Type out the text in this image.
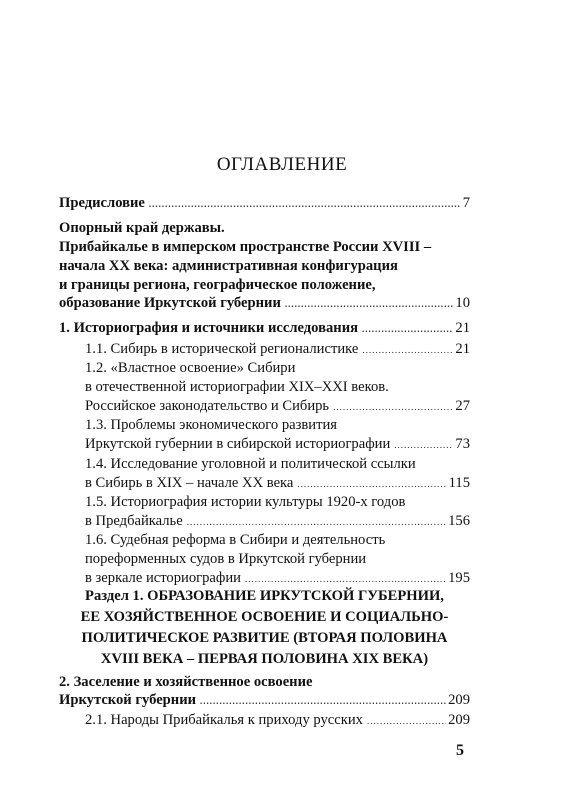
ОГЛАВЛЕНИЕ
Предисловие .....	7
Опорный край державы.
Прибайкалье в имперском пространстве России XVIII –
начала XX века: административная конфигурация
и границы региона, географическое положение,
образование Иркутской губернии .....	10
1. Историография и источники исследования .....	21
1.1. Сибирь в исторической регионалистике .....	21
1.2. «Властное освоение» Сибири
в отечественной историографии XIX–XXI веков.
Российское законодательство и Сибирь .....	27
1.3. Проблемы экономического развития
Иркутской губернии в сибирской историографии .....	73
1.4. Исследование уголовной и политической ссылки
в Сибирь в XIX – начале XX века .....	115
1.5. Историография истории культуры 1920-х годов
в Предбайкалье .....	156
1.6. Судебная реформа в Сибири и деятельность
пореформенных судов в Иркутской губернии
в зеркале историографии .....	195
Раздел 1. ОБРАЗОВАНИЕ ИРКУТСКОЙ ГУБЕРНИИ,
ЕЕ ХОЗЯЙСТВЕННОЕ ОСВОЕНИЕ И СОЦИАЛЬНО-
ПОЛИТИЧЕСКОЕ РАЗВИТИЕ (ВТОРАЯ ПОЛОВИНА
XVIII ВЕКА – ПЕРВАЯ ПОЛОВИНА XIX ВЕКА)
2. Заселение и хозяйственное освоение
Иркутской губернии .....	209
2.1. Народы Прибайкалья к приходу русских .....	209
5
